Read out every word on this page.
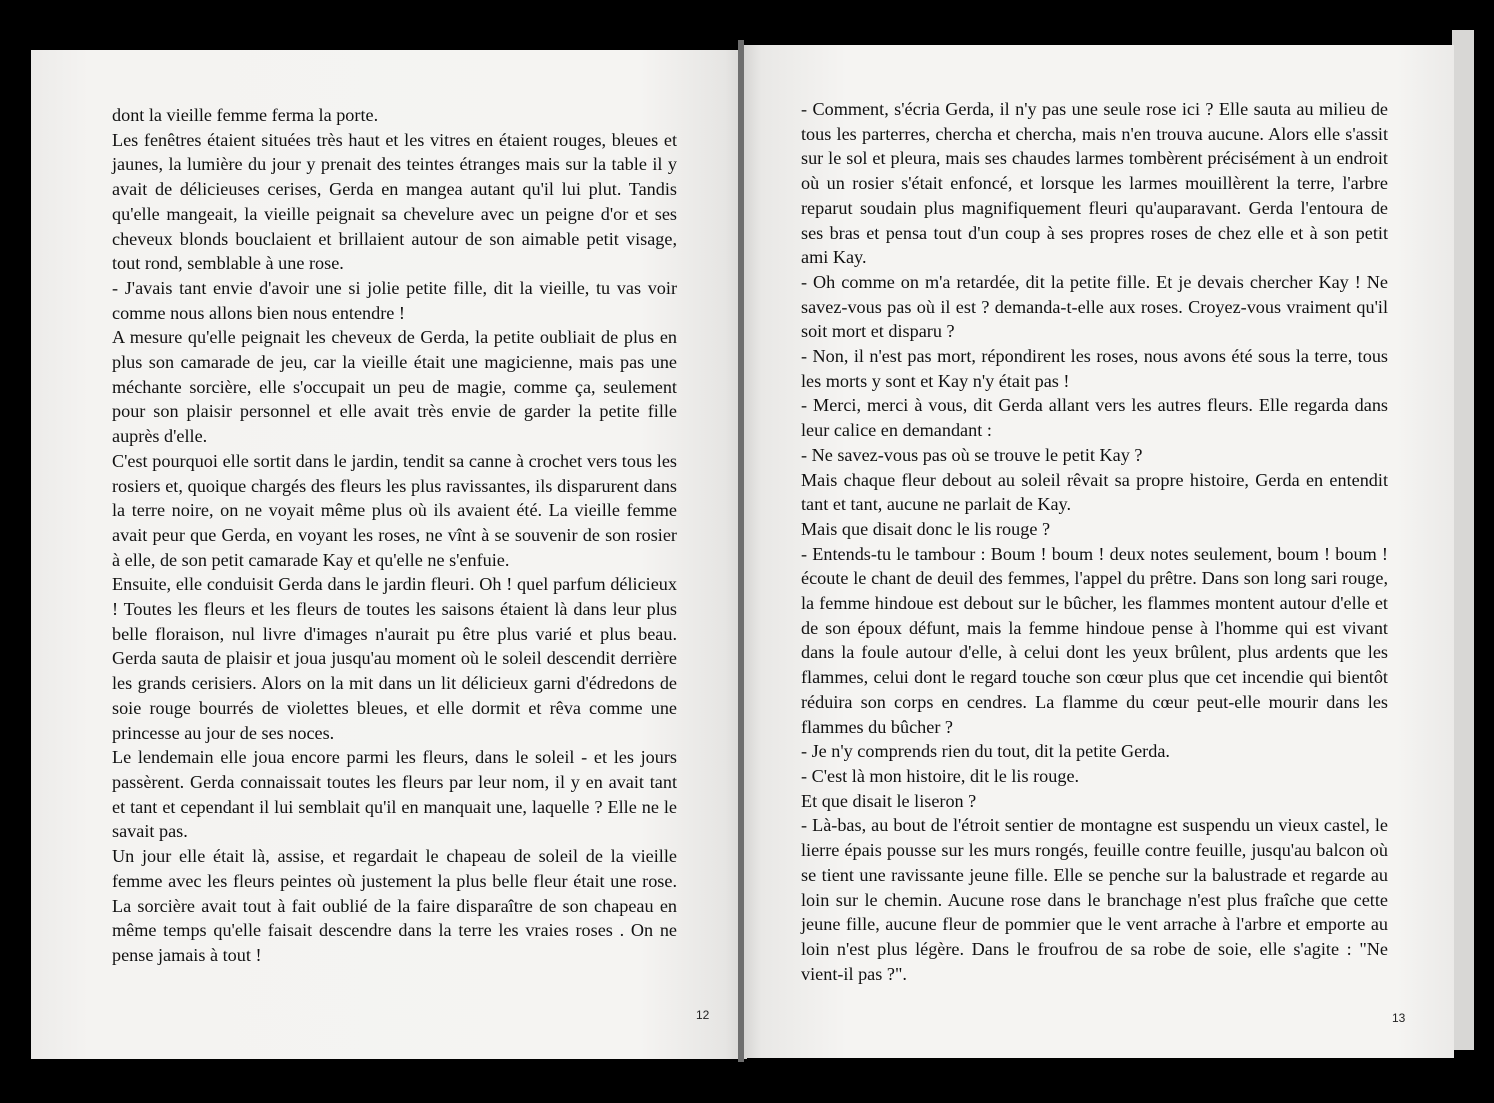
dont la vieille femme ferma la porte.

Les fenêtres étaient situées très haut et les vitres en étaient rouges, bleues et jaunes, la lumière du jour y prenait des teintes étranges mais sur la table il y avait de délicieuses cerises, Gerda en mangea autant qu'il lui plut. Tandis qu'elle mangeait, la vieille peignait sa chevelure avec un peigne d'or et ses cheveux blonds bouclaient et brillaient autour de son aimable petit visage, tout rond, semblable à une rose.

- J'avais tant envie d'avoir une si jolie petite fille, dit la vieille, tu vas voir comme nous allons bien nous entendre !

A mesure qu'elle peignait les cheveux de Gerda, la petite oubliait de plus en plus son camarade de jeu, car la vieille était une magicienne, mais pas une méchante sorcière, elle s'occupait un peu de magie, comme ça, seulement pour son plaisir personnel et elle avait très envie de garder la petite fille auprès d'elle.

C'est pourquoi elle sortit dans le jardin, tendit sa canne à crochet vers tous les rosiers et, quoique chargés des fleurs les plus ravissantes, ils disparurent dans la terre noire, on ne voyait même plus où ils avaient été. La vieille femme avait peur que Gerda, en voyant les roses, ne vînt à se souvenir de son rosier à elle, de son petit camarade Kay et qu'elle ne s'enfuie.

Ensuite, elle conduisit Gerda dans le jardin fleuri. Oh ! quel parfum délicieux ! Toutes les fleurs et les fleurs de toutes les saisons étaient là dans leur plus belle floraison, nul livre d'images n'aurait pu être plus varié et plus beau. Gerda sauta de plaisir et joua jusqu'au moment où le soleil descendit derrière les grands cerisiers. Alors on la mit dans un lit délicieux garni d'édredons de soie rouge bourrés de violettes bleues, et elle dormit et rêva comme une princesse au jour de ses noces.

Le lendemain elle joua encore parmi les fleurs, dans le soleil - et les jours passèrent. Gerda connaissait toutes les fleurs par leur nom, il y en avait tant et tant et cependant il lui semblait qu'il en manquait une, laquelle ? Elle ne le savait pas.

Un jour elle était là, assise, et regardait le chapeau de soleil de la vieille femme avec les fleurs peintes où justement la plus belle fleur était une rose. La sorcière avait tout à fait oublié de la faire disparaître de son chapeau en même temps qu'elle faisait descendre dans la terre les vraies roses . On ne pense jamais à tout !

12

- Comment, s'écria Gerda, il n'y pas une seule rose ici ? Elle sauta au milieu de tous les parterres, chercha et chercha, mais n'en trouva aucune. Alors elle s'assit sur le sol et pleura, mais ses chaudes larmes tombèrent précisément à un endroit où un rosier s'était enfoncé, et lorsque les larmes mouillèrent la terre, l'arbre reparut soudain plus magnifiquement fleuri qu'auparavant. Gerda l'entoura de ses bras et pensa tout d'un coup à ses propres roses de chez elle et à son petit ami Kay.

- Oh comme on m'a retardée, dit la petite fille. Et je devais chercher Kay ! Ne savez-vous pas où il est ? demanda-t-elle aux roses. Croyez-vous vraiment qu'il soit mort et disparu ?

- Non, il n'est pas mort, répondirent les roses, nous avons été sous la terre, tous les morts y sont et Kay n'y était pas !

- Merci, merci à vous, dit Gerda allant vers les autres fleurs. Elle regarda dans leur calice en demandant :

- Ne savez-vous pas où se trouve le petit Kay ?

Mais chaque fleur debout au soleil rêvait sa propre histoire, Gerda en entendit tant et tant, aucune ne parlait de Kay.

Mais que disait donc le lis rouge ?

- Entends-tu le tambour : Boum ! boum ! deux notes seulement, boum ! boum ! écoute le chant de deuil des femmes, l'appel du prêtre. Dans son long sari rouge, la femme hindoue est debout sur le bûcher, les flammes montent autour d'elle et de son époux défunt, mais la femme hindoue pense à l'homme qui est vivant dans la foule autour d'elle, à celui dont les yeux brûlent, plus ardents que les flammes, celui dont le regard touche son cœur plus que cet incendie qui bientôt réduira son corps en cendres. La flamme du cœur peut-elle mourir dans les flammes du bûcher ?

- Je n'y comprends rien du tout, dit la petite Gerda.

- C'est là mon histoire, dit le lis rouge.

Et que disait le liseron ?

- Là-bas, au bout de l'étroit sentier de montagne est suspendu un vieux castel, le lierre épais pousse sur les murs rongés, feuille contre feuille, jusqu'au balcon où se tient une ravissante jeune fille. Elle se penche sur la balustrade et regarde au loin sur le chemin. Aucune rose dans le branchage n'est plus fraîche que cette jeune fille, aucune fleur de pommier que le vent arrache à l'arbre et emporte au loin n'est plus légère. Dans le froufrou de sa robe de soie, elle s'agite : "Ne vient-il pas ?".

13
